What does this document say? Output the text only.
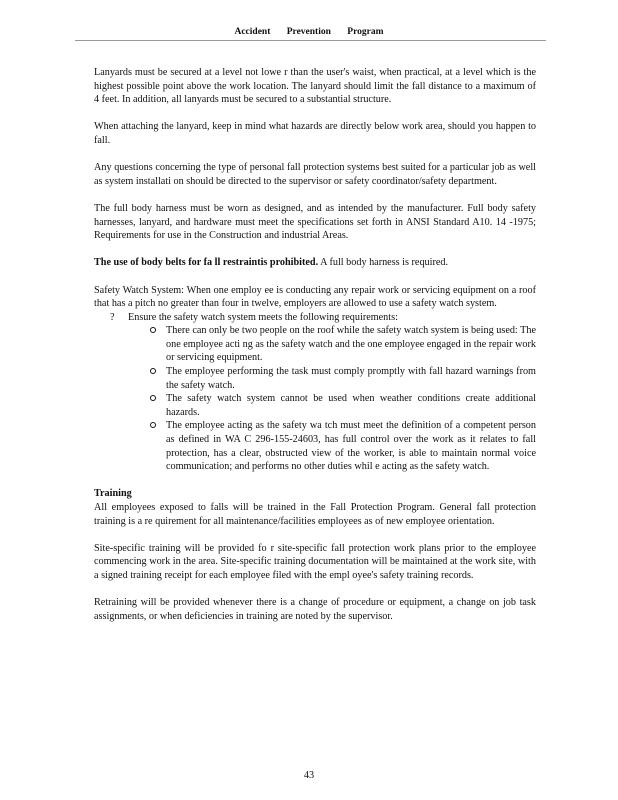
Accident Prevention Program

Lanyards must be secured at a level not lowe r than the user's waist, when practical, at a level which is the highest possible point above the work location. The lanyard should limit the fall distance to a maximum of 4 feet. In addition, all lanyards must be secured to a substantial structure.

When attaching the lanyard, keep in mind what hazards are directly below work area, should you happen to fall.

Any questions concerning the type of personal fall protection systems best suited for a particular job as well as system installati on should be directed to the supervisor or safety coordinator/safety department.

The full body harness must be worn as designed, and as intended by the manufacturer. Full body safety harnesses, lanyard, and hardware must meet the specifications set forth in ANSI Standard A10. 14 -1975; Requirements for use in the Construction and industrial Areas.

The use of body belts for fa ll restraintis prohibited. A full body harness is required.

Safety Watch System: When one employ ee is conducting any repair work or servicing equipment on a roof that has a pitch no greater than four in twelve, employers are allowed to use a safety watch system.

? Ensure the safety watch system meets the following requirements:
There can only be two people on the roof while the safety watch system is being used: The one employee acti ng as the safety watch and the one employee engaged in the repair work or servicing equipment.
The employee performing the task must comply promptly with fall hazard warnings from the safety watch.
The safety watch system cannot be used when weather conditions create additional hazards.
The employee acting as the safety wa tch must meet the definition of a competent person as defined in WA C 296-155-24603, has full control over the work as it relates to fall protection, has a clear, obstructed view of the worker, is able to maintain normal voice communication; and performs no other duties whil e acting as the safety watch.
Training

All employees exposed to falls will be trained in the Fall Protection Program. General fall protection training is a re quirement for all maintenance/facilities employees as of new employee orientation.

Site-specific training will be provided fo r site-specific fall protection work plans prior to the employee commencing work in the area. Site-specific training documentation will be maintained at the work site, with a signed training receipt for each employee filed with the empl oyee's safety training records.

Retraining will be provided whenever there is a change of procedure or equipment, a change on job task assignments, or when deficiencies in training are noted by the supervisor.

43
